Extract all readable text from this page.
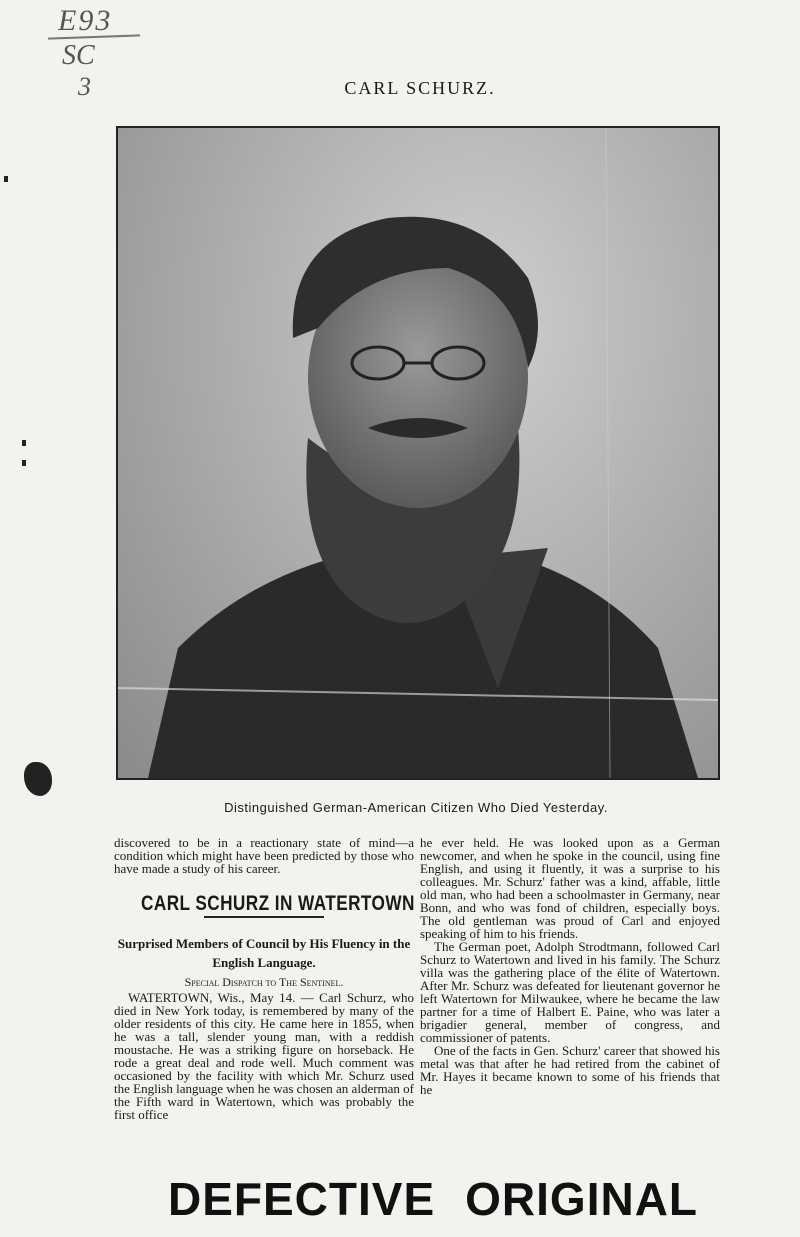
E93
SC
3	CARL SCHURZ.
Distinguished German-American Citizen Who Died Yesterday.

discovered to be in a reactionary state of mind—a condition which might have been predicted by those who have made a study of his career.

CARL SCHURZ IN WATERTOWN
Surprised Members of Council by His Fluency in the English Language.
Special Dispatch to The Sentinel.

WATERTOWN, Wis., May 14. — Carl Schurz, who died in New York today, is remembered by many of the older residents of this city. He came here in 1855, when he was a tall, slender young man, with a reddish moustache. He was a striking figure on horseback. He rode a great deal and rode well. Much comment was occasioned by the facility with which Mr. Schurz used the English language when he was chosen an alderman of the Fifth ward in Watertown, which was probably the first office

he ever held. He was looked upon as a German newcomer, and when he spoke in the council, using fine English, and using it fluently, it was a surprise to his colleagues. Mr. Schurz' father was a kind, affable, little old man, who had been a schoolmaster in Germany, near Bonn, and who was fond of children, especially boys. The old gentleman was proud of Carl and enjoyed speaking of him to his friends.

The German poet, Adolph Strodtmann, followed Carl Schurz to Watertown and lived in his family. The Schurz villa was the gathering place of the élite of Watertown. After Mr. Schurz was defeated for lieutenant governor he left Watertown for Milwaukee, where he became the law partner for a time of Halbert E. Paine, who was later a brigadier general, member of congress, and commissioner of patents.

One of the facts in Gen. Schurz' career that showed his metal was that after he had retired from the cabinet of Mr. Hayes it became known to some of his friends that he

DEFECTIVE ORIGINAL
